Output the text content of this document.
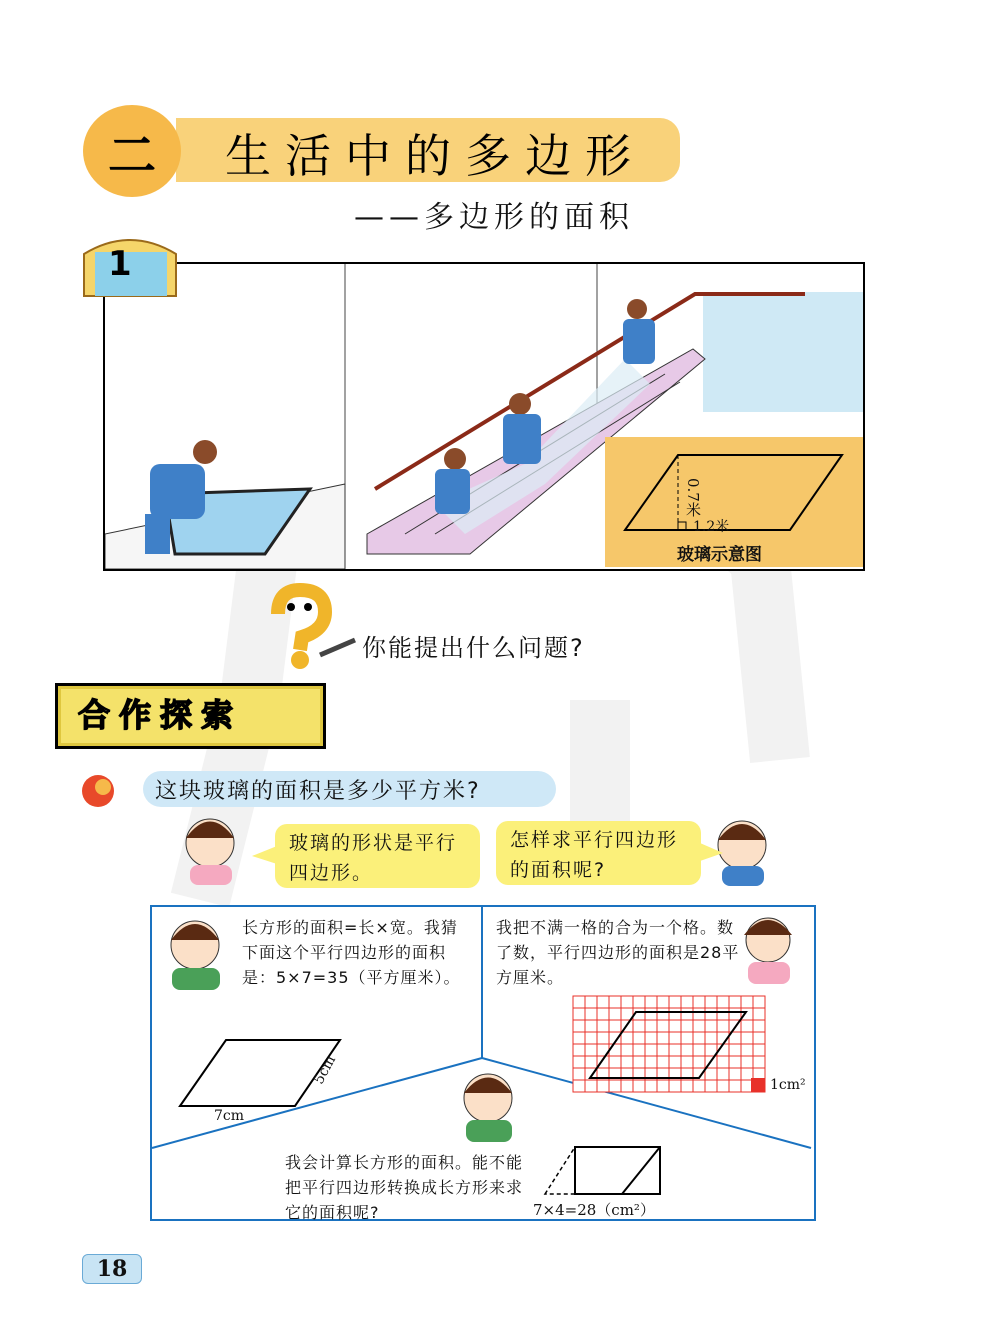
二	生活中的多边形
——多边形的面积
1
0.7米
1.2米
玻璃示意图
你能提出什么问题?
合作探索
这块玻璃的面积是多少平方米?
玻璃的形状是平行四边形。
怎样求平行四边形的面积呢?
长方形的面积=长×宽。我猜下面这个平行四边形的面积是：5×7=35（平方厘米）。
我把不满一格的合为一个格。数了数，平行四边形的面积是28平方厘米。
我会计算长方形的面积。能不能把平行四边形转换成长方形来求它的面积呢?
7cm
5cm	1cm²
7×4=28（cm²）
18
